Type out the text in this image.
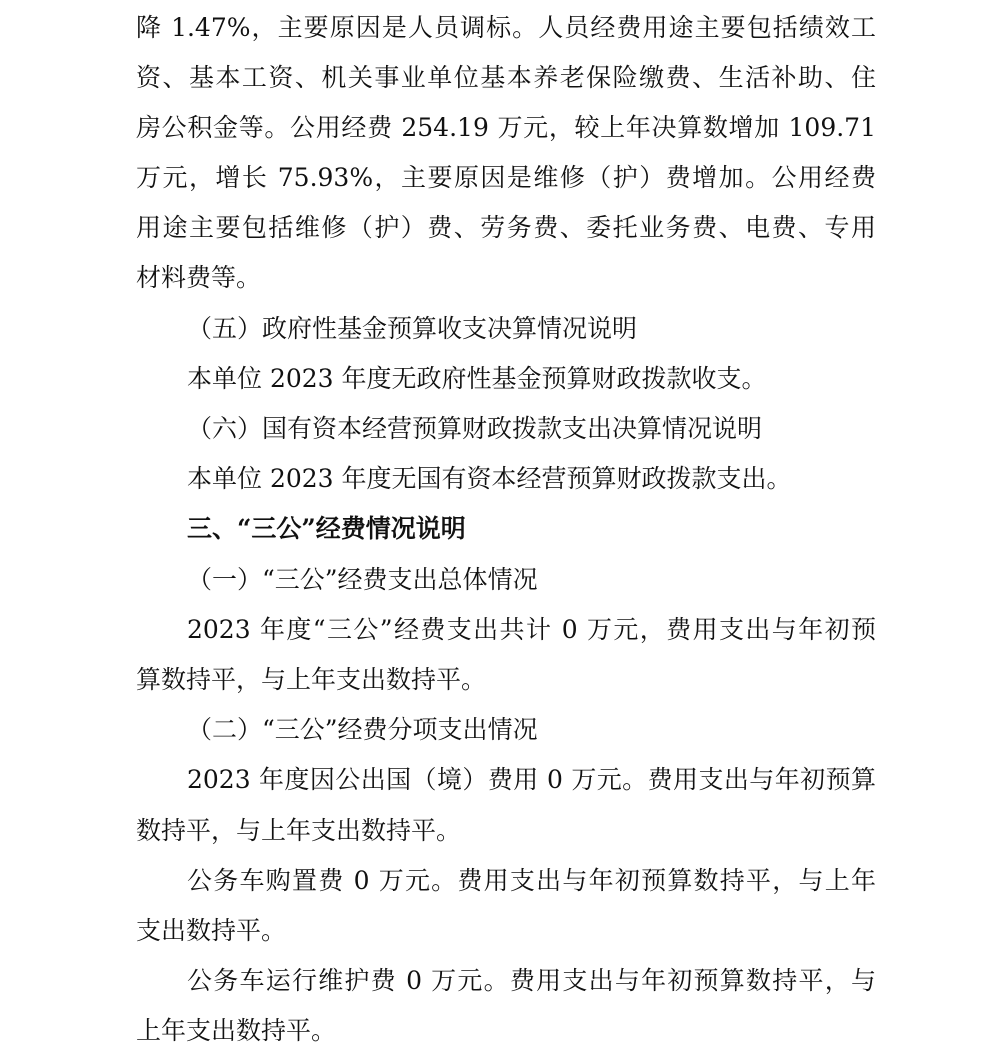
降 1.47%，主要原因是人员调标。人员经费用途主要包括绩效工
资、基本工资、机关事业单位基本养老保险缴费、生活补助、住
房公积金等。公用经费 254.19 万元，较上年决算数增加 109.71
万元，增长 75.93%，主要原因是维修（护）费增加。公用经费
用途主要包括维修（护）费、劳务费、委托业务费、电费、专用
材料费等。
（五）政府性基金预算收支决算情况说明
本单位 2023 年度无政府性基金预算财政拨款收支。
（六）国有资本经营预算财政拨款支出决算情况说明
本单位 2023 年度无国有资本经营预算财政拨款支出。
三、“三公”经费情况说明
（一）“三公”经费支出总体情况
2023 年度“三公”经费支出共计 0 万元，费用支出与年初预
算数持平，与上年支出数持平。
（二）“三公”经费分项支出情况
2023 年度因公出国（境）费用 0 万元。费用支出与年初预算
数持平，与上年支出数持平。
公务车购置费 0 万元。费用支出与年初预算数持平，与上年
支出数持平。
公务车运行维护费 0 万元。费用支出与年初预算数持平，与
上年支出数持平。
